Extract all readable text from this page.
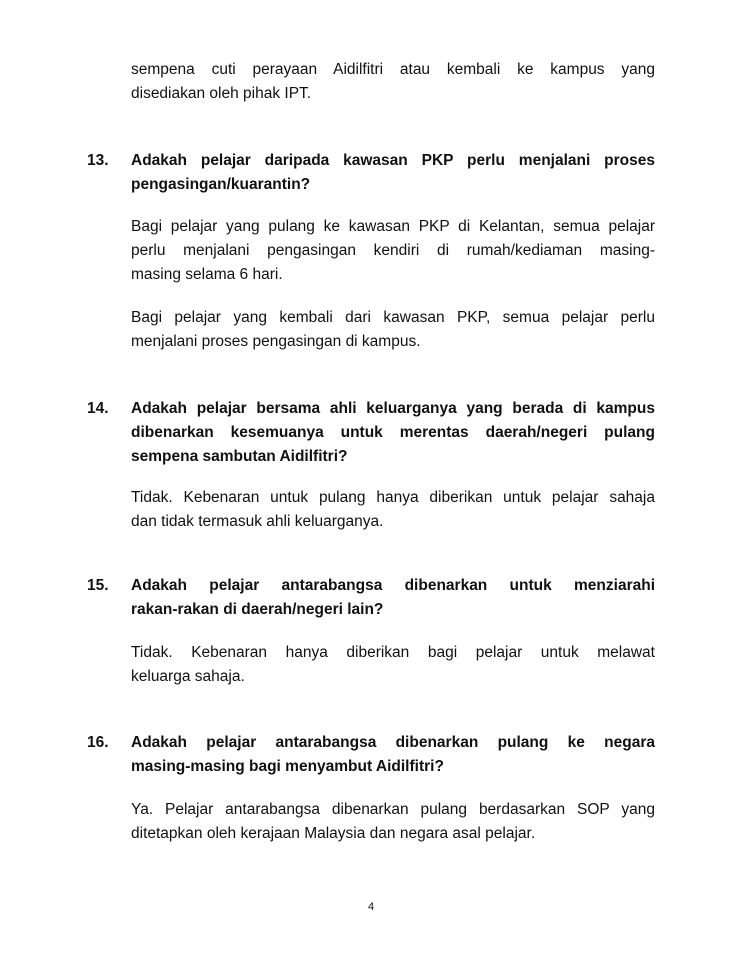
sempena cuti perayaan Aidilfitri atau kembali ke kampus yang
disediakan oleh pihak IPT.

13. Adakah pelajar daripada kawasan PKP perlu menjalani proses
pengasingan/kuarantin?

Bagi pelajar yang pulang ke kawasan PKP di Kelantan, semua pelajar
perlu menjalani pengasingan kendiri di rumah/kediaman masing-
masing selama 6 hari.

Bagi pelajar yang kembali dari kawasan PKP, semua pelajar perlu
menjalani proses pengasingan di kampus.

14. Adakah pelajar bersama ahli keluarganya yang berada di kampus
dibenarkan kesemuanya untuk merentas daerah/negeri pulang
sempena sambutan Aidilfitri?

Tidak. Kebenaran untuk pulang hanya diberikan untuk pelajar sahaja
dan tidak termasuk ahli keluarganya.

15. Adakah pelajar antarabangsa dibenarkan untuk menziarahi
rakan-rakan di daerah/negeri lain?

Tidak. Kebenaran hanya diberikan bagi pelajar untuk melawat
keluarga sahaja.

16. Adakah pelajar antarabangsa dibenarkan pulang ke negara
masing-masing bagi menyambut Aidilfitri?

Ya. Pelajar antarabangsa dibenarkan pulang berdasarkan SOP yang
ditetapkan oleh kerajaan Malaysia dan negara asal pelajar.

4
